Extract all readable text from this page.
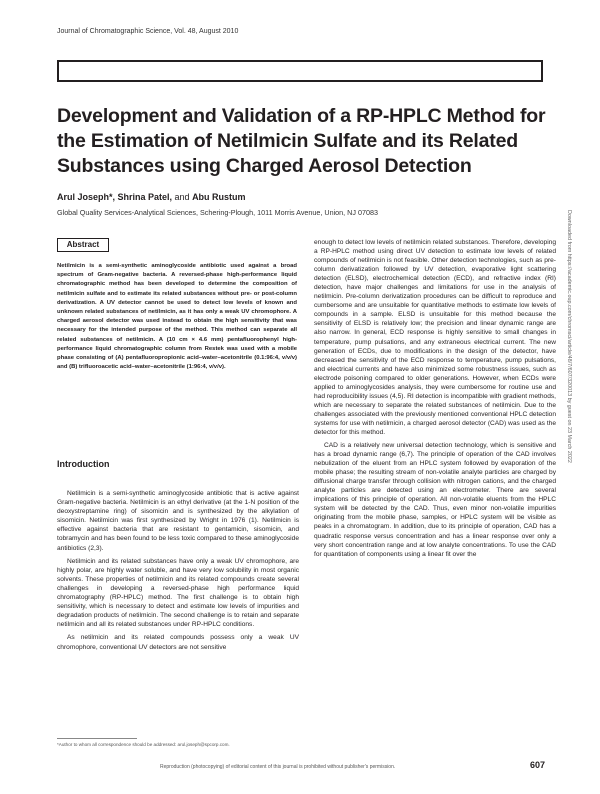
Journal of Chromatographic Science, Vol. 48, August 2010
Development and Validation of a RP-HPLC Method for the Estimation of Netilmicin Sulfate and its Related Substances using Charged Aerosol Detection
Arul Joseph*, Shrina Patel, and Abu Rustum
Global Quality Services-Analytical Sciences, Schering-Plough, 1011 Morris Avenue, Union, NJ 07083
Abstract

Netilmicin is a semi-synthetic aminoglycoside antibiotic used against a broad spectrum of Gram-negative bacteria. A reversed-phase high-performance liquid chromatographic method has been developed to determine the composition of netilmicin sulfate and to estimate its related substances without pre- or post-column derivatization. A UV detector cannot be used to detect low levels of known and unknown related substances of netilmicin, as it has only a weak UV chromophore. A charged aerosol detector was used instead to obtain the high sensitivity that was necessary for the intended purpose of the method. This method can separate all related substances of netilmicin. A (10 cm × 4.6 mm) pentafluorophenyl high-performance liquid chromatographic column from Restek was used with a mobile phase consisting of (A) pentafluoropropionic acid–water–acetonitrile (0.1:96:4, v/v/v) and (B) trifluoroacetic acid–water–acetonitrile (1:96:4, v/v/v).

Introduction

Netilmicin is a semi-synthetic aminoglycoside antibiotic that is active against Gram-negative bacteria. Netilmicin is an ethyl derivative (at the 1-N position of the deoxystreptamine ring) of sisomicin and is synthesized by the alkylation of sisomicin. Netilmicin was first synthesized by Wright in 1976 (1). Netilmicin is effective against bacteria that are resistant to gentamicin, sisomicin, and tobramycin and has been found to be less toxic compared to these aminoglycoside antibiotics (2,3).

Netilmicin and its related substances have only a weak UV chromophore, are highly polar, are highly water soluble, and have very low solubility in most organic solvents. These properties of netilmicin and its related compounds create several challenges in developing a reversed-phase high performance liquid chromatography (RP-HPLC) method. The first challenge is to obtain high sensitivity, which is necessary to detect and estimate low levels of impurities and degradation products of netilmicin. The second challenge is to retain and separate netilmicin and all its related substances under RP-HPLC conditions.

As netilmicin and its related compounds possess only a weak UV chromophore, conventional UV detectors are not sensitive

*Author to whom all correspondence should be addressed: arul.joseph@spcorp.com.

enough to detect low levels of netilmicin related substances. Therefore, developing a RP-HPLC method using direct UV detection to estimate low levels of related compounds of netilmicin is not feasible. Other detection technologies, such as pre-column derivatization followed by UV detection, evaporative light scattering detection (ELSD), electrochemical detection (ECD), and refractive index (RI) detection, have major challenges and limitations for use in the analysis of netilmicin. Pre-column derivatization procedures can be difficult to reproduce and cumbersome and are unsuitable for quantitative methods to estimate low levels of compounds in a sample. ELSD is unsuitable for this method because the sensitivity of ELSD is relatively low; the precision and linear dynamic range are also narrow. In general, ECD response is highly sensitive to small changes in temperature, pump pulsations, and any extraneous electrical current. The new generation of ECDs, due to modifications in the design of the detector, have decreased the sensitivity of the ECD response to temperature, pump pulsations, and electrical currents and have also minimized some robustness issues, such as electrode poisoning compared to older generations. However, when ECDs were applied to aminoglycosides analysis, they were cumbersome for routine use and had reproducibility issues (4,5). RI detection is incompatible with gradient methods, which are necessary to separate the related substances of netilmicin. Due to the challenges associated with the previously mentioned conventional HPLC detection systems for use with netilmicin, a charged aerosol detector (CAD) was used as the detector for this method.

CAD is a relatively new universal detection technology, which is sensitive and has a broad dynamic range (6,7). The principle of operation of the CAD involves nebulization of the eluent from an HPLC system followed by evaporation of the mobile phase; the resulting stream of non-volatile analyte particles are charged by diffusional charge transfer through collision with nitrogen cations, and the charged analyte particles are detected using an electrometer. There are several implications of this principle of operation. All non-volatile eluents from the HPLC system will be detected by the CAD. Thus, even minor non-volatile impurities originating from the mobile phase, samples, or HPLC system will be visible as peaks in a chromatogram. In addition, due to its principle of operation, CAD has a quadratic response versus concentration and has a linear response over only a very short concentration range and at low analyte concentrations. To use the CAD for quantitation of components using a linear fit over the

Downloaded from https://academic.oup.com/chromsci/article/48/7/607/320013 by guest on 23 March 2022
Reproduction (photocopying) of editorial content of this journal is prohibited without publisher's permission.	607
